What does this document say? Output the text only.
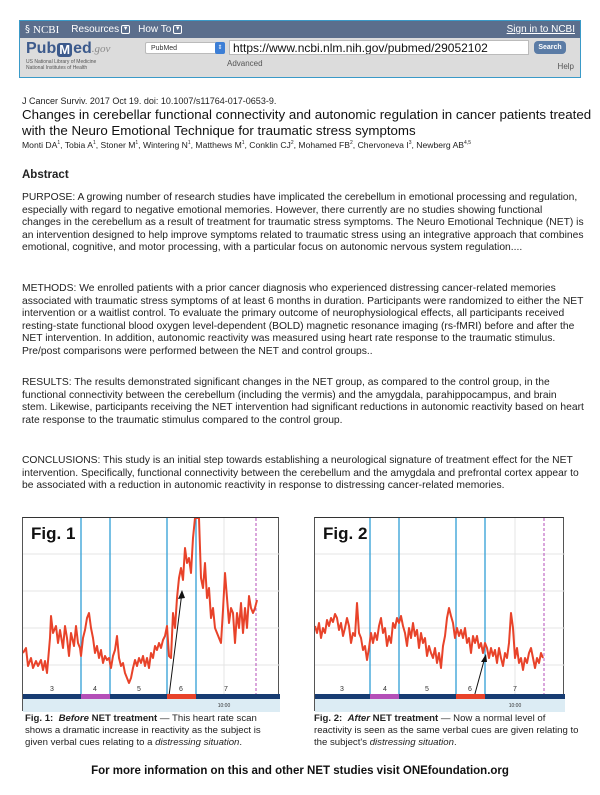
§ NCBI Resources ▼ How To ▼	Sign in to NCBI
Pub M ed .gov
US National Library of Medicine
National Institutes of Health
PubMed	⇕
https://www.ncbi.nlm.nih.gov/pubmed/29052102	Search
Advanced	Help
J Cancer Surviv. 2017 Oct 19. doi: 10.1007/s11764-017-0653-9.
Changes in cerebellar functional connectivity and autonomic regulation in cancer patients treated with the Neuro Emotional Technique for traumatic stress symptoms
Monti $DA^1$, Tobia $A^1$, Stoner $M^1$, Wintering $N^1$, Matthews $M^1$, Conklin $CJ^2$, Mohamed $FB^2$, Chervoneva $I^3$, Newberg AB$^{4,5}$
Abstract
PURPOSE: A growing number of research studies have implicated the cerebellum in emotional processing and regulation, especially with regard to negative emotional memories. However, there currently are no studies showing functional changes in the cerebellum as a result of treatment for traumatic stress symptoms. The Neuro Emotional Technique (NET) is an intervention designed to help improve symptoms related to traumatic stress using an integrative approach that combines emotional, cognitive, and motor processing, with a particular focus on autonomic nervous system regulation....
METHODS: We enrolled patients with a prior cancer diagnosis who experienced distressing cancer-related memories associated with traumatic stress symptoms of at least 6 months in duration. Participants were randomized to either the NET intervention or a waitlist control. To evaluate the primary outcome of neurophysiological effects, all participants received resting-state functional blood oxygen level-dependent (BOLD) magnetic resonance imaging (rs-fMRI) before and after the NET intervention. In addition, autonomic reactivity was measured using heart rate response to the traumatic stimulus. Pre/post comparisons were performed between the NET and control groups..
RESULTS: The results demonstrated significant changes in the NET group, as compared to the control group, in the functional connectivity between the cerebellum (including the vermis) and the amygdala, parahippocampus, and brain stem. Likewise, participants receiving the NET intervention had significant reductions in autonomic reactivity based on heart rate response to the traumatic stimulus compared to the control group.
CONCLUSIONS: This study is an initial step towards establishing a neurological signature of treatment effect for the NET intervention. Specifically, functional connectivity between the cerebellum and the amygdala and prefrontal cortex appear to be associated with a reduction in autonomic reactivity in response to distressing cancer-related memories.
3	4	5	6	7
10:00
Fig. 1
3	4	5	6	7
10:00
Fig. 2
Fig. 1: Before NET treatment — This heart rate scan shows a dramatic increase in reactivity as the subject is given verbal cues relating to a distressing situation.
Fig. 2: After NET treatment — Now a normal level of reactivity is seen as the same verbal cues are given relating to the subject's distressing situation.
For more information on this and other NET studies visit ONEfoundation.org
